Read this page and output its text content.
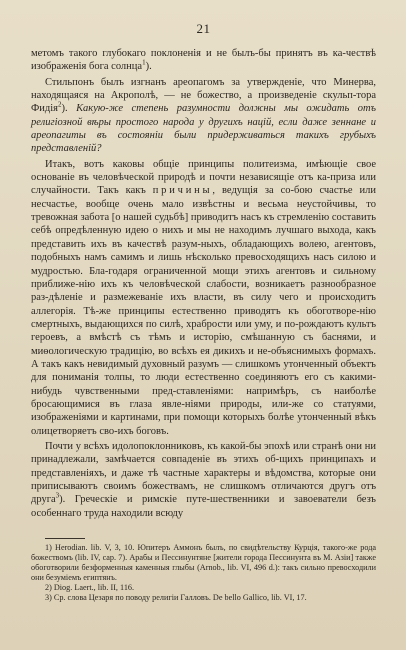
21

метомъ такого глубокаго поклоненія и не былъ-бы принятъ въ ка-чествѣ изображенія бога солнца$^1$).

Стильпонъ былъ изгнанъ ареопагомъ за утвержденіе, что Минерва, находящаяся на Акрополѣ, — не божество, а произведеніе скульп-тора Фидія$^2$). Какую-же степень разумности должны мы ожидать отъ религіозной вѣры простого народа у другихъ націй, если даже зеннане и ареопагиты въ состояніи были придерживаться такихъ грубыхъ представленій?

Итакъ, вотъ каковы общіе принципы политеизма, имѣющіе свое основаніе въ человѣческой природѣ и почти независящіе отъ ка-приза или случайности. Такъ какъ причины, ведущія за со-бою счастье или несчастье, вообще очень мало извѣстны и весьма неустойчивы, то тревожная забота [о нашей судьбѣ] приводитъ насъ къ стремленію составить себѣ опредѣленную идею о нихъ и мы не находимъ лучшаго выхода, какъ представить ихъ въ качествѣ разум-ныхъ, обладающихъ волею, агентовъ, подобныхъ намъ самимъ и лишь нѣсколько превосходящихъ насъ силою и мудростью. Бла-годаря ограниченной мощи этихъ агентовъ и сильному приближе-нію ихъ къ человѣческой слабости, возникаетъ разнообразное раз-дѣленіе и размежеваніе ихъ власти, въ силу чего и происходитъ аллегорія. Тѣ-же принципы естественно приводятъ къ обоготворе-нію смертныхъ, выдающихся по силѣ, храбрости или уму, и по-рождаютъ культъ героевъ, а вмѣстѣ съ тѣмъ и исторію, смѣшанную съ баснями, и миѳологическую традицію, во всѣхъ ея дикихъ и не-объяснимыхъ формахъ. А такъ какъ невидимый духовный разумъ — слишкомъ утонченный объектъ для пониманія толпы, то люди естественно соединяютъ его съ какими-нибудь чувственными пред-ставленіями: напримѣръ, съ наиболѣе бросающимися въ глаза явле-ніями природы, или-же со статуями, изображеніями и картинами, при помощи которыхъ болѣе утонченный вѣкъ олицетворяетъ сво-ихъ боговъ.

Почти у всѣхъ идолопоклонниковъ, къ какой-бы эпохѣ или странѣ они ни принадлежали, замѣчается совпаденіе въ этихъ об-щихъ принципахъ и представленіяхъ, и даже тѣ частные характеры и вѣдомства, которые они приписываютъ своимъ божествамъ, не слишкомъ отличаются другъ отъ друга$^3$). Греческіе и римскіе путе-шественники и завоеватели безъ особеннаго труда находили всюду

1) Herodian. lib. V, 3, 10. Юпитеръ Аммонъ былъ, по свидѣтельству Курція, такого-же рода божествомъ (lib. IV, cap. 7). Арабы и Пессинунтяне [жители города Пессинунта въ М. Азіи] также обоготворили безформенныя каменныя глыбы (Arnob., lib. VI, 496 d.): такъ сильно превосходили они безуміемъ египтянъ.

2) Diog. Laert., lib. II, 116.

3) Ср. слова Цезаря по поводу религіи Галловъ. De bello Gallico, lib. VI, 17.
